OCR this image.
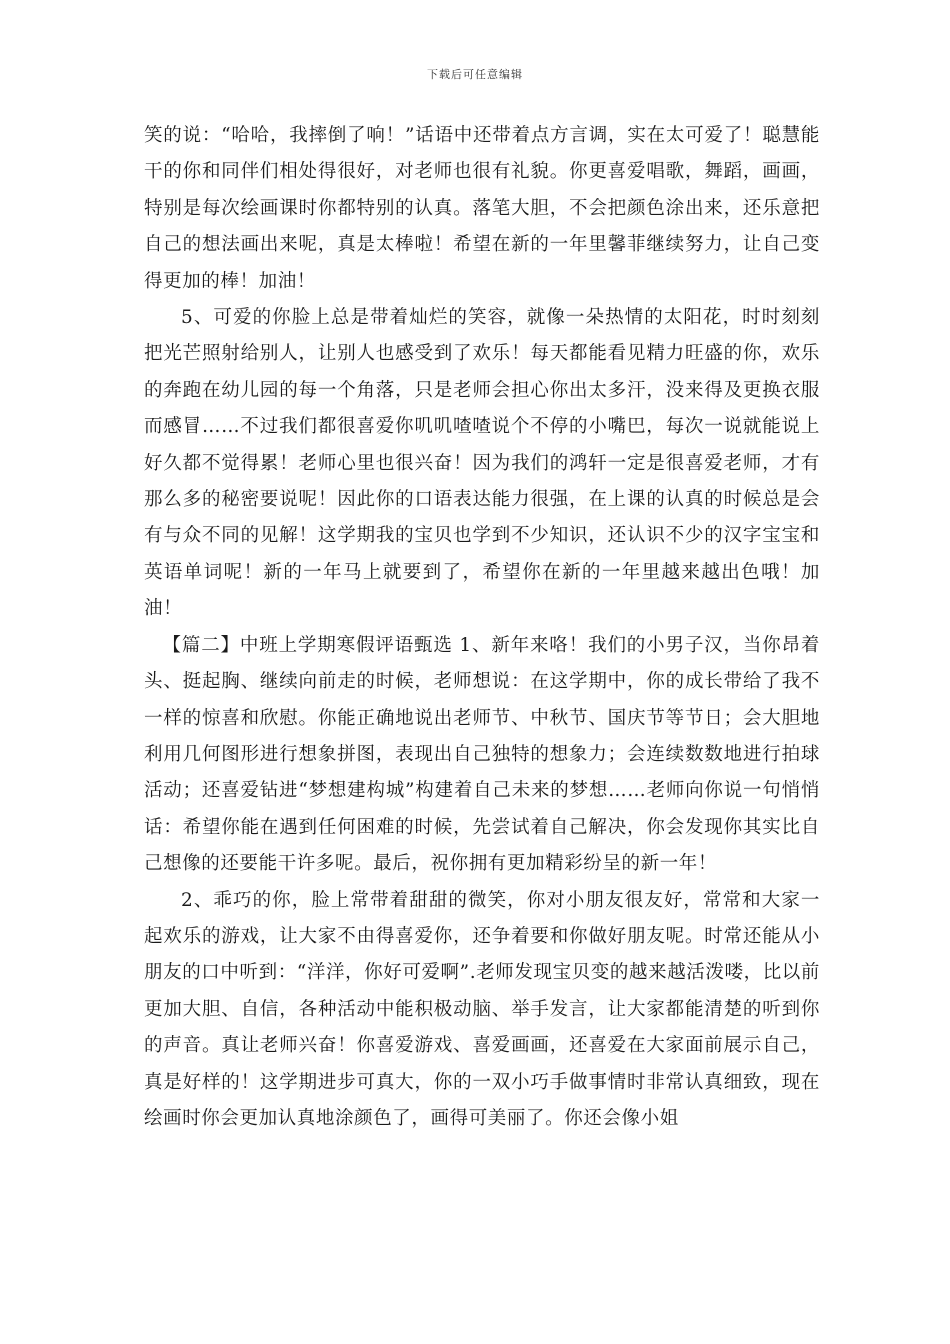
下载后可任意编辑

笑的说：“哈哈，我摔倒了响！”话语中还带着点方言调，实在太可爱了！聪慧能干的你和同伴们相处得很好，对老师也很有礼貌。你更喜爱唱歌，舞蹈，画画，特别是每次绘画课时你都特别的认真。落笔大胆，不会把颜色涂出来，还乐意把自己的想法画出来呢，真是太棒啦！希望在新的一年里馨菲继续努力，让自己变得更加的棒！加油！

5、可爱的你脸上总是带着灿烂的笑容，就像一朵热情的太阳花，时时刻刻把光芒照射给别人，让别人也感受到了欢乐！每天都能看见精力旺盛的你，欢乐的奔跑在幼儿园的每一个角落，只是老师会担心你出太多汗，没来得及更换衣服而感冒……不过我们都很喜爱你叽叽喳喳说个不停的小嘴巴，每次一说就能说上好久都不觉得累！老师心里也很兴奋！因为我们的鸿轩一定是很喜爱老师，才有那么多的秘密要说呢！因此你的口语表达能力很强，在上课的认真的时候总是会有与众不同的见解！这学期我的宝贝也学到不少知识，还认识不少的汉字宝宝和英语单词呢！新的一年马上就要到了，希望你在新的一年里越来越出色哦！加油！

【篇二】中班上学期寒假评语甄选 1、新年来咯！我们的小男子汉，当你昂着头、挺起胸、继续向前走的时候，老师想说：在这学期中，你的成长带给了我不一样的惊喜和欣慰。你能正确地说出老师节、中秋节、国庆节等节日；会大胆地利用几何图形进行想象拼图，表现出自己独特的想象力；会连续数数地进行拍球活动；还喜爱钻进“梦想建构城”构建着自己未来的梦想……老师向你说一句悄悄话：希望你能在遇到任何困难的时候，先尝试着自己解决，你会发现你其实比自己想像的还要能干许多呢。最后，祝你拥有更加精彩纷呈的新一年！

2、乖巧的你，脸上常带着甜甜的微笑，你对小朋友很友好，常常和大家一起欢乐的游戏，让大家不由得喜爱你，还争着要和你做好朋友呢。时常还能从小朋友的口中听到：“洋洋，你好可爱啊”.老师发现宝贝变的越来越活泼喽，比以前更加大胆、自信，各种活动中能积极动脑、举手发言，让大家都能清楚的听到你的声音。真让老师兴奋！你喜爱游戏、喜爱画画，还喜爱在大家面前展示自己，真是好样的！这学期进步可真大，你的一双小巧手做事情时非常认真细致，现在绘画时你会更加认真地涂颜色了，画得可美丽了。你还会像小姐
